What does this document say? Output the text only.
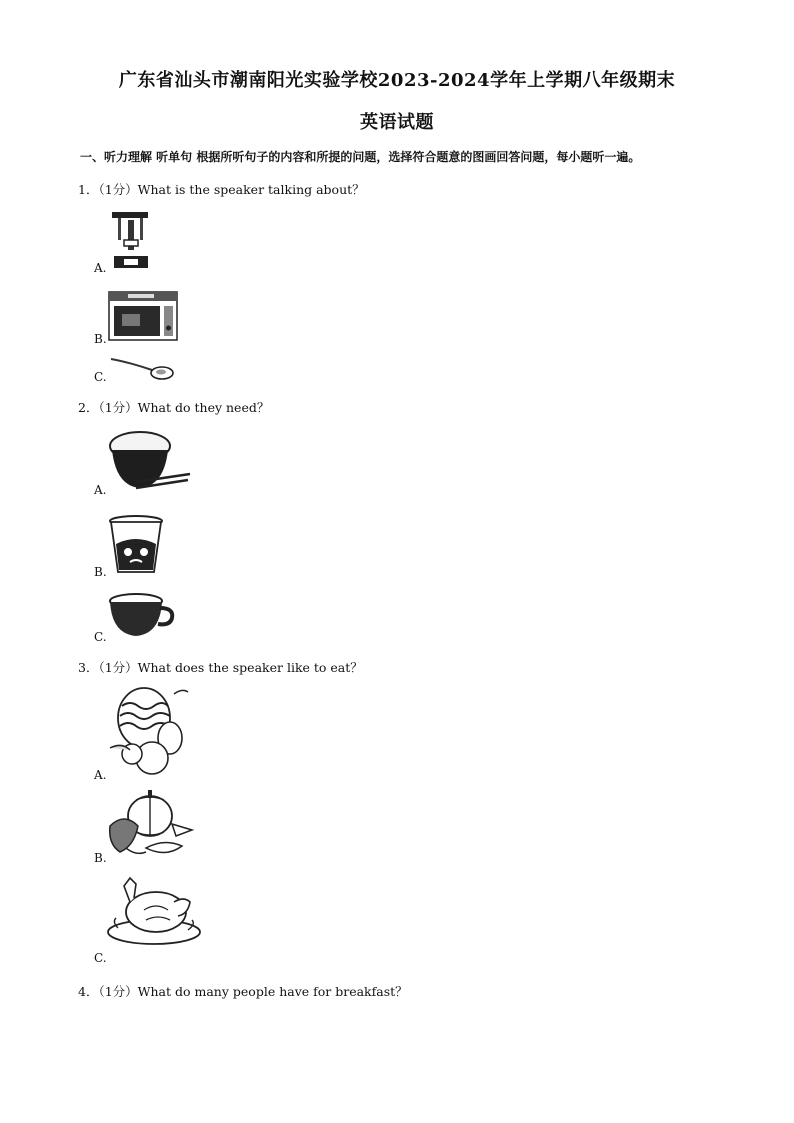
广东省汕头市潮南阳光实验学校2023-2024学年上学期八年级期末
英语试题
一、听力理解 听单句 根据所听句子的内容和所提的问题，选择符合题意的图画回答问题，每小题听一遍。
1．（1分）What is the speaker talking about？
A.
B.
C.
2．（1分）What do they need？
A.
B.
C.
3．（1分）What does the speaker like to eat？
A.
B.
C.
4．（1分）What do many people have for breakfast？
